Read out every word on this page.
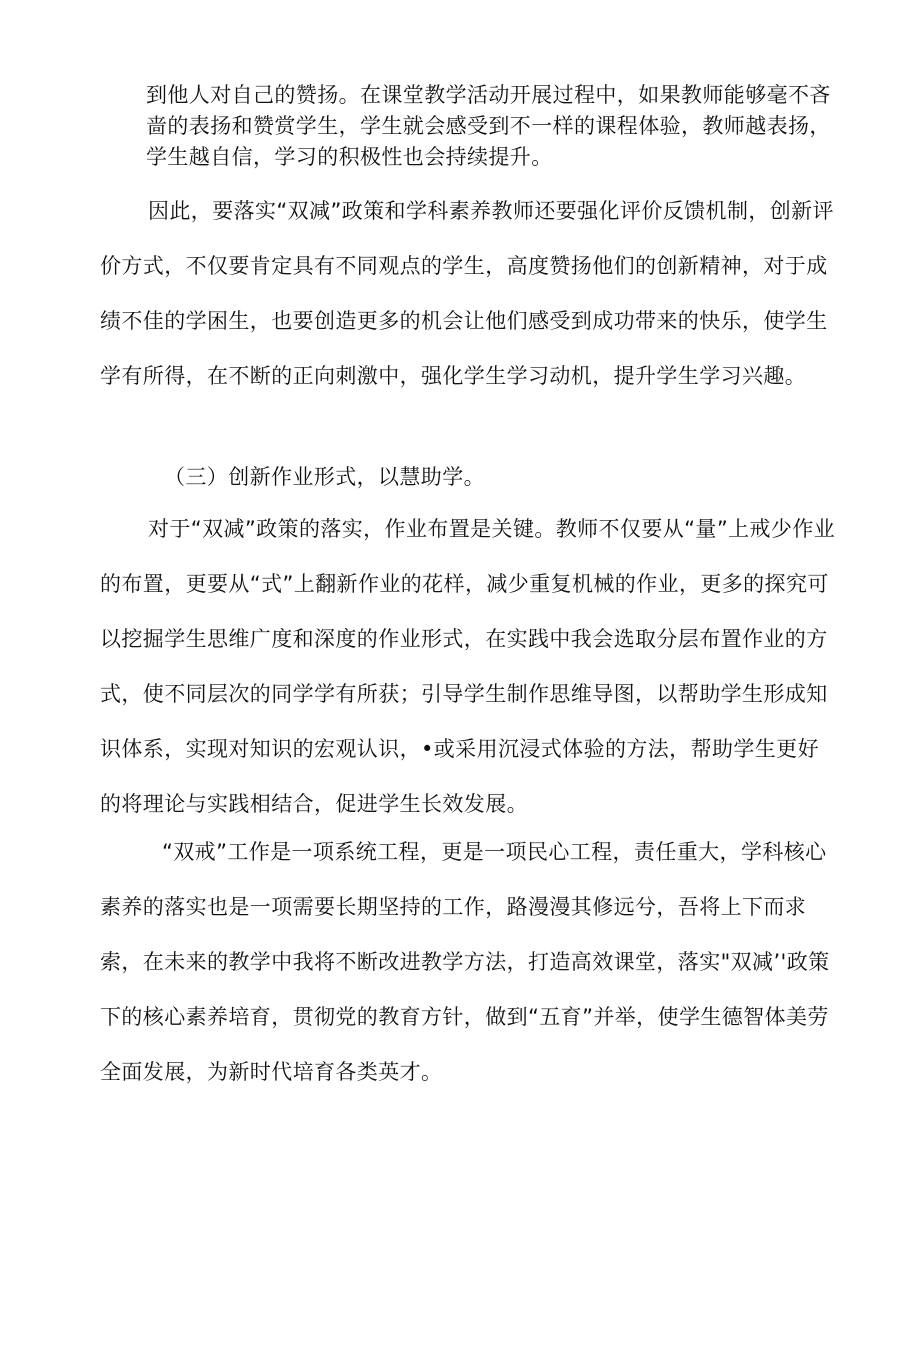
到他人对自己的赞扬。在课堂教学活动开展过程中，如果教师能够毫不吝啬的表扬和赞赏学生，学生就会感受到不一样的课程体验，教师越表扬，学生越自信，学习的积极性也会持续提升。

因此，要落实“双减”政策和学科素养教师还要强化评价反馈机制，创新评价方式，不仅要肯定具有不同观点的学生，高度赞扬他们的创新精神，对于成绩不佳的学困生，也要创造更多的机会让他们感受到成功带来的快乐，使学生学有所得，在不断的正向刺激中，强化学生学习动机，提升学生学习兴趣。

（三）创新作业形式，以慧助学。

对于“双减”政策的落实，作业布置是关键。教师不仅要从“量”上戒少作业的布置，更要从“式”上翻新作业的花样，减少重复机械的作业，更多的探究可以挖掘学生思维广度和深度的作业形式，在实践中我会选取分层布置作业的方式，使不同层次的同学学有所获；引导学生制作思维导图，以帮助学生形成知识体系，实现对知识的宏观认识，•或采用沉浸式体验的方法，帮助学生更好的将理论与实践相结合，促进学生长效发展。

“双戒”工作是一项系统工程，更是一项民心工程，责任重大，学科核心素养的落实也是一项需要长期坚持的工作，路漫漫其修远兮，吾将上下而求索，在未来的教学中我将不断改进教学方法，打造高效课堂，落实"双减’'政策下的核心素养培育，贯彻党的教育方针，做到“五育”并举，使学生德智体美劳全面发展，为新时代培育各类英才。
